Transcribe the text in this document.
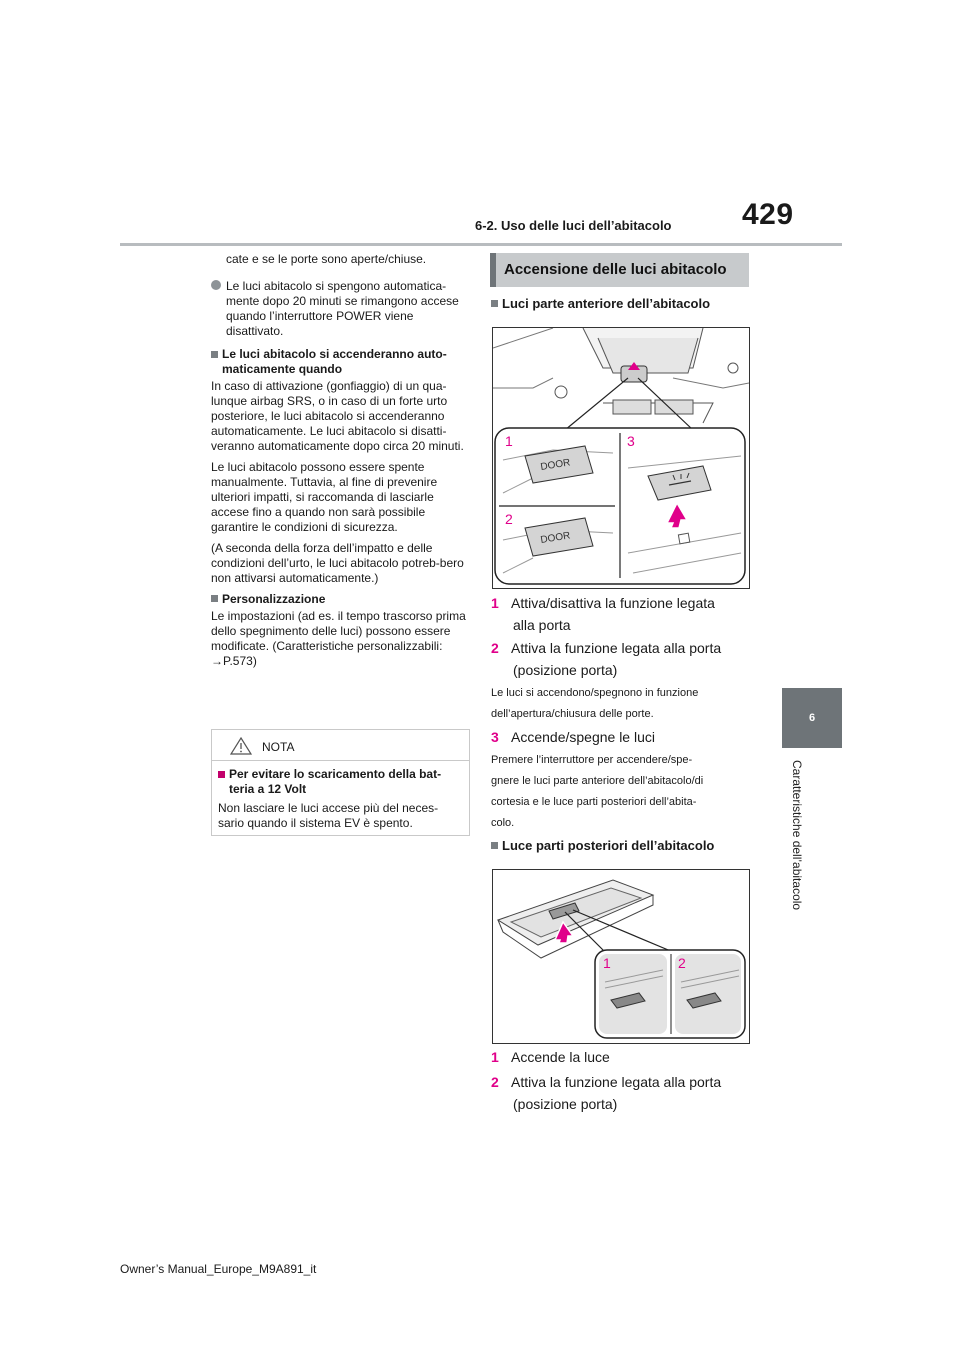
6-2. Uso delle luci dell’abitacolo 429
6
Caratteristiche dell’abitacolo

cate e se le porte sono aperte/chiuse.

Le luci abitacolo si spengono automatica-mente dopo 20 minuti se rimangono accese quando l’interruttore POWER viene disattivato.
Le luci abitacolo si accenderanno auto-maticamente quando

In caso di attivazione (gonfiaggio) di un qua-lunque airbag SRS, o in caso di un forte urto posteriore, le luci abitacolo si accenderanno automaticamente. Le luci abitacolo si disatti-veranno automaticamente dopo circa 20 minuti.

Le luci abitacolo possono essere spente manualmente. Tuttavia, al fine di prevenire ulteriori impatti, si raccomanda di lasciarle accese fino a quando non sarà possibile garantire le condizioni di sicurezza.

(A seconda della forza dell’impatto e delle condizioni dell’urto, le luci abitacolo potreb-bero non attivarsi automaticamente.)

Personalizzazione

Le impostazioni (ad es. il tempo trascorso prima dello spegnimento delle luci) possono essere modificate. (Caratteristiche personalizzabili: →P.573)

NOTA
Per evitare lo scaricamento della bat-teria a 12 Volt
Non lasciare le luci accese più del neces-sario quando il sistema EV è spento.
Accensione delle luci abitacolo
Luci parte anteriore dell’abitacolo
1	3
2
DOOR
DOOR
1 Attiva/disattiva la funzione legata
alla porta
2 Attiva la funzione legata alla porta
(posizione porta)
Le luci si accendono/spegnono in funzione
dell’apertura/chiusura delle porte.
3 Accende/spegne le luci
Premere l’interruttore per accendere/spe-
gnere le luci parte anteriore dell’abitacolo/di
cortesia e le luce parti posteriori dell’abita-
colo.
Luce parti posteriori dell’abitacolo
1	2
1 Accende la luce
2 Attiva la funzione legata alla porta
(posizione porta)
Owner’s Manual_Europe_M9A891_it
